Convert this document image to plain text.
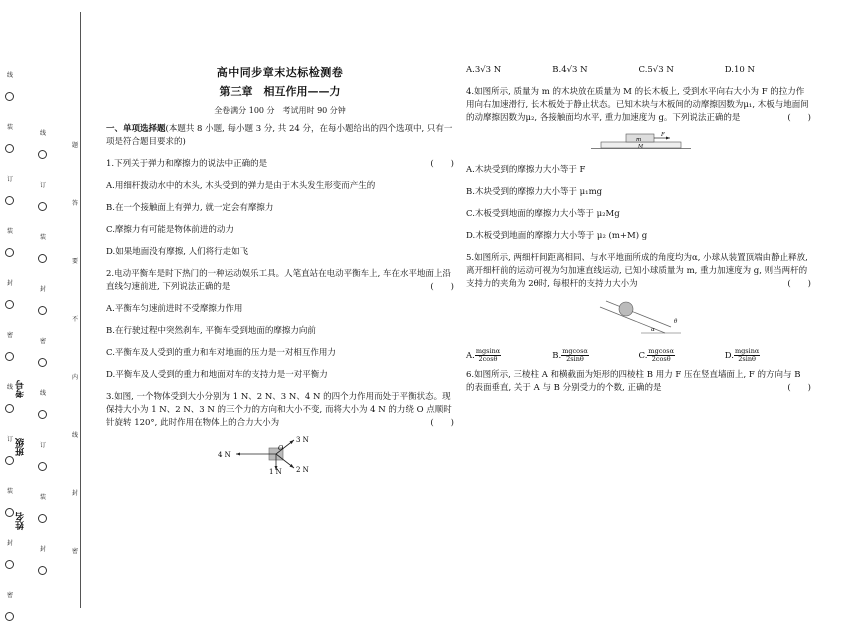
线
装
订
装
封
密
线
订
装
封
密
线
订
装
封
密
线
订
装
封
题
答
要
不
内
线
封
密
考号
班级
姓名
高中同步章末达标检测卷
第三章　相互作用——力
全卷满分 100 分　考试用时 90 分钟

一、单项选择题(本题共 8 小题, 每小题 3 分, 共 24 分，在每小题给出的四个选项中, 只有一项是符合题目要求的)

1.下列关于弹力和摩擦力的说法中正确的是	(　　)
A.用细杆拨动水中的木头, 木头受到的弹力是由于木头发生形变而产生的
B.在一个接触面上有弹力, 就一定会有摩擦力
C.摩擦力有可能是物体前进的动力
D.如果地面没有摩擦, 人们将行走如飞
2.电动平衡车是时下热门的一种运动娱乐工具。人笔直站在电动平衡车上, 车在水平地面上沿直线匀速前进, 下列说法正确的是	(　　)
A.平衡车匀速前进时不受摩擦力作用
B.在行驶过程中突然刹车, 平衡车受到地面的摩擦力向前
C.平衡车及人受到的重力和车对地面的压力是一对相互作用力
D.平衡车及人受到的重力和地面对车的支持力是一对平衡力
3.如图, 一个物体受到大小分别为 1 N、2 N、3 N、4 N 的四个力作用而处于平衡状态。现保持大小为 1 N、2 N、3 N 的三个力的方向和大小不变, 而将大小为 4 N 的力绕 O 点顺时针旋转 120°, 此时作用在物体上的合力大小为	(　　)
4 N
1 N 2 N
3 N
O
A.3√3 N	B.4√3 N	C.5√3 N	D.10 N
4.如图所示, 质量为 m 的木块放在质量为 M 的长木板上, 受到水平向右大小为 F 的拉力作用向右加速滑行, 长木板处于静止状态。已知木块与木板间的动摩擦因数为μ₁, 木板与地面间的动摩擦因数为μ₂, 各接触面均水平, 重力加速度为 g。下列说法正确的是	(　　)
m
M
F
A.木块受到的摩擦力大小等于 F
B.木块受到的摩擦力大小等于 μ₁mg
C.木板受到地面的摩擦力大小等于 μ₂Mg
D.木板受到地面的摩擦力大小等于 μ₂ (m+M) g
5.如图所示, 两细杆间距离相同、与水平地面所成的角度均为α, 小球从装置顶端由静止释放, 离开细杆前的运动可视为匀加速直线运动, 已知小球质量为 m, 重力加速度为 g, 则当两杆的支持力的夹角为 2θ时, 每根杆的支持力大小为	(　　)
α
θ
A. $\frac{mgsin\alpha}{2\cos\theta}$	B. $\frac{mgcos\alpha}{2\sin\theta}$	C. $\frac{mgcos\alpha}{2\cos\theta}$	D. $\frac{mgsin\alpha}{2\sin\theta}$
6.如图所示, 三棱柱 A 和横截面为矩形的四棱柱 B 用力 F 压在竖直墙面上, F 的方向与 B 的表面垂直, 关于 A 与 B 分别受力的个数, 正确的是	(　　)
